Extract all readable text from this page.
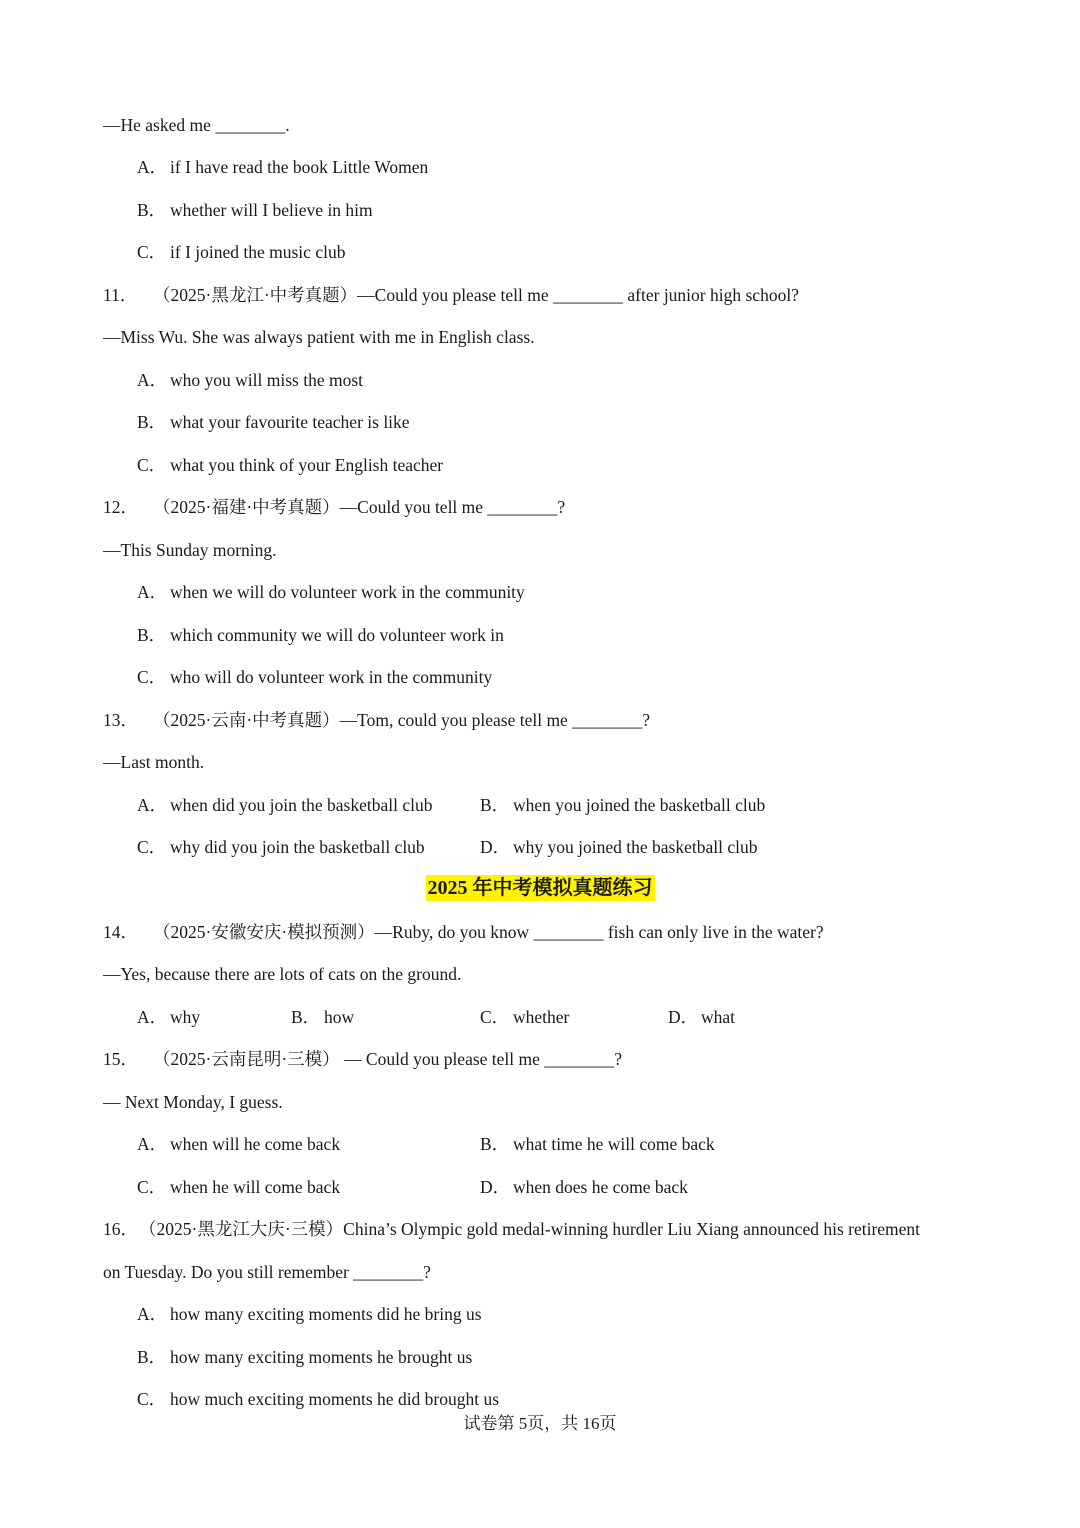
—He asked me ________.
A． if I have read the book Little Women
B． whether will I believe in him
C． if I joined the music club
11． （2025·黑龙江·中考真题）—Could you please tell me ________ after junior high school?
—Miss Wu. She was always patient with me in English class.
A． who you will miss the most
B． what your favourite teacher is like
C． what you think of your English teacher
12． （2025·福建·中考真题）—Could you tell me ________?
—This Sunday morning.
A． when we will do volunteer work in the community
B． which community we will do volunteer work in
C． who will do volunteer work in the community
13． （2025·云南·中考真题）—Tom, could you please tell me ________?
—Last month.
A． when did you join the basketball club	B． when you joined the basketball club
C． why did you join the basketball club	D． why you joined the basketball club
2025 年中考模拟真题练习
14． （2025·安徽安庆·模拟预测）—Ruby, do you know ________ fish can only live in the water?
—Yes, because there are lots of cats on the ground.
A． why	B． how	C． whether	D． what
15． （2025·云南昆明·三模） — Could you please tell me ________?
— Next Monday, I guess.
A． when will he come back	B． what time he will come back
C． when he will come back	D． when does he come back
16．（2025·黑龙江大庆·三模）China’s Olympic gold medal-winning hurdler Liu Xiang announced his retirement
on Tuesday. Do you still remember ________?
A． how many exciting moments did he bring us
B． how many exciting moments he brought us
C． how much exciting moments he did brought us
试卷第 5页，共 16页
